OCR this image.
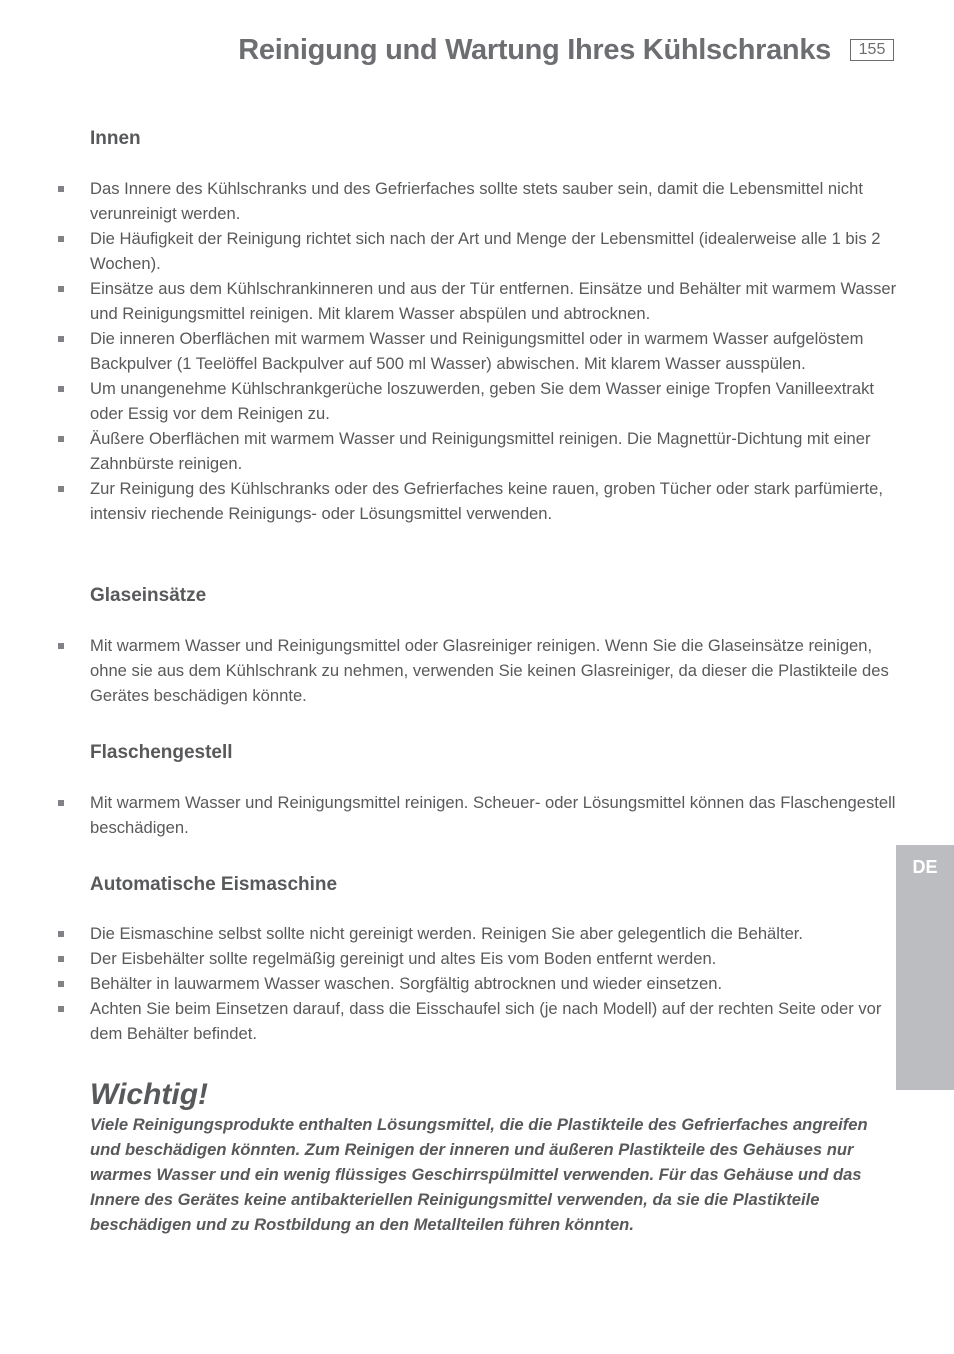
Reinigung und Wartung Ihres Kühlschranks	155
DE
Innen
Das Innere des Kühlschranks und des Gefrierfaches sollte stets sauber sein, damit die Lebensmittel nicht verunreinigt werden.
Die Häufigkeit der Reinigung richtet sich nach der Art und Menge der Lebensmittel (idealerweise alle 1 bis 2 Wochen).
Einsätze aus dem Kühlschrankinneren und aus der Tür entfernen. Einsätze und Behälter mit warmem Wasser und Reinigungsmittel reinigen. Mit klarem Wasser abspülen und abtrocknen.
Die inneren Oberflächen mit warmem Wasser und Reinigungsmittel oder in warmem Wasser aufgelöstem Backpulver (1 Teelöffel Backpulver auf 500 ml Wasser) abwischen. Mit klarem Wasser ausspülen.
Um unangenehme Kühlschrankgerüche loszuwerden, geben Sie dem Wasser einige Tropfen Vanilleextrakt oder Essig vor dem Reinigen zu.
Äußere Oberflächen mit warmem Wasser und Reinigungsmittel reinigen. Die Magnettür-Dichtung mit einer Zahnbürste reinigen.
Zur Reinigung des Kühlschranks oder des Gefrierfaches keine rauen, groben Tücher oder stark parfümierte, intensiv riechende Reinigungs- oder Lösungsmittel verwenden.
Glaseinsätze
Mit warmem Wasser und Reinigungsmittel oder Glasreiniger reinigen. Wenn Sie die Glaseinsätze reinigen, ohne sie aus dem Kühlschrank zu nehmen, verwenden Sie keinen Glasreiniger, da dieser die Plastikteile des Gerätes beschädigen könnte.
Flaschengestell
Mit warmem Wasser und Reinigungsmittel reinigen. Scheuer- oder Lösungsmittel können das Flaschengestell beschädigen.
Automatische Eismaschine
Die Eismaschine selbst sollte nicht gereinigt werden. Reinigen Sie aber gelegentlich die Behälter.
Der Eisbehälter sollte regelmäßig gereinigt und altes Eis vom Boden entfernt werden.
Behälter in lauwarmem Wasser waschen. Sorgfältig abtrocknen und wieder einsetzen.
Achten Sie beim Einsetzen darauf, dass die Eisschaufel sich (je nach Modell) auf der rechten Seite oder vor dem Behälter befindet.
Wichtig!

Viele Reinigungsprodukte enthalten Lösungsmittel, die die Plastikteile des Gefrierfaches angreifen und beschädigen könnten. Zum Reinigen der inneren und äußeren Plastikteile des Gehäuses nur warmes Wasser und ein wenig flüssiges Geschirrspülmittel verwenden. Für das Gehäuse und das Innere des Gerätes keine antibakteriellen Reinigungsmittel verwenden, da sie die Plastikteile beschädigen und zu Rostbildung an den Metallteilen führen könnten.
